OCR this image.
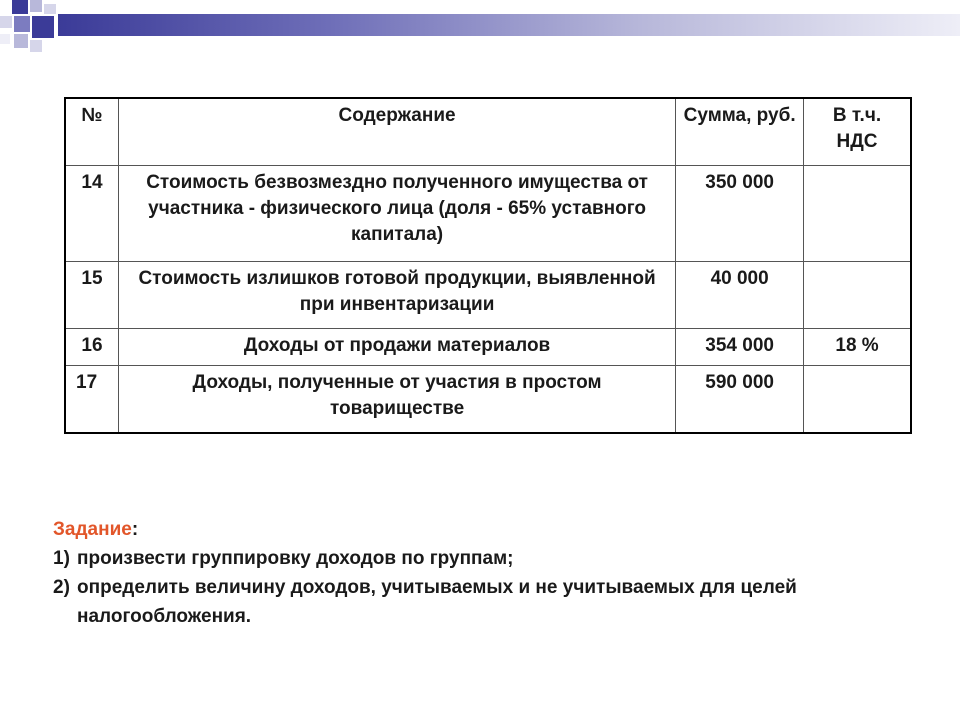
№	Содержание	Сумма, руб.	В т.ч. НДС
14	Стоимость безвозмездно полученного имущества от участника - физического лица (доля - 65% уставного капитала)	350 000	
15	Стоимость излишков готовой продукции, выявленной при инвентаризации	40 000	
16	Доходы от продажи материалов	354 000	18 %
17	Доходы, полученные от участия в простом товариществе	590 000	
Задание:
1) произвести группировку доходов по группам;
2) определить величину доходов, учитываемых и не учитываемых для целей налогообложения.
